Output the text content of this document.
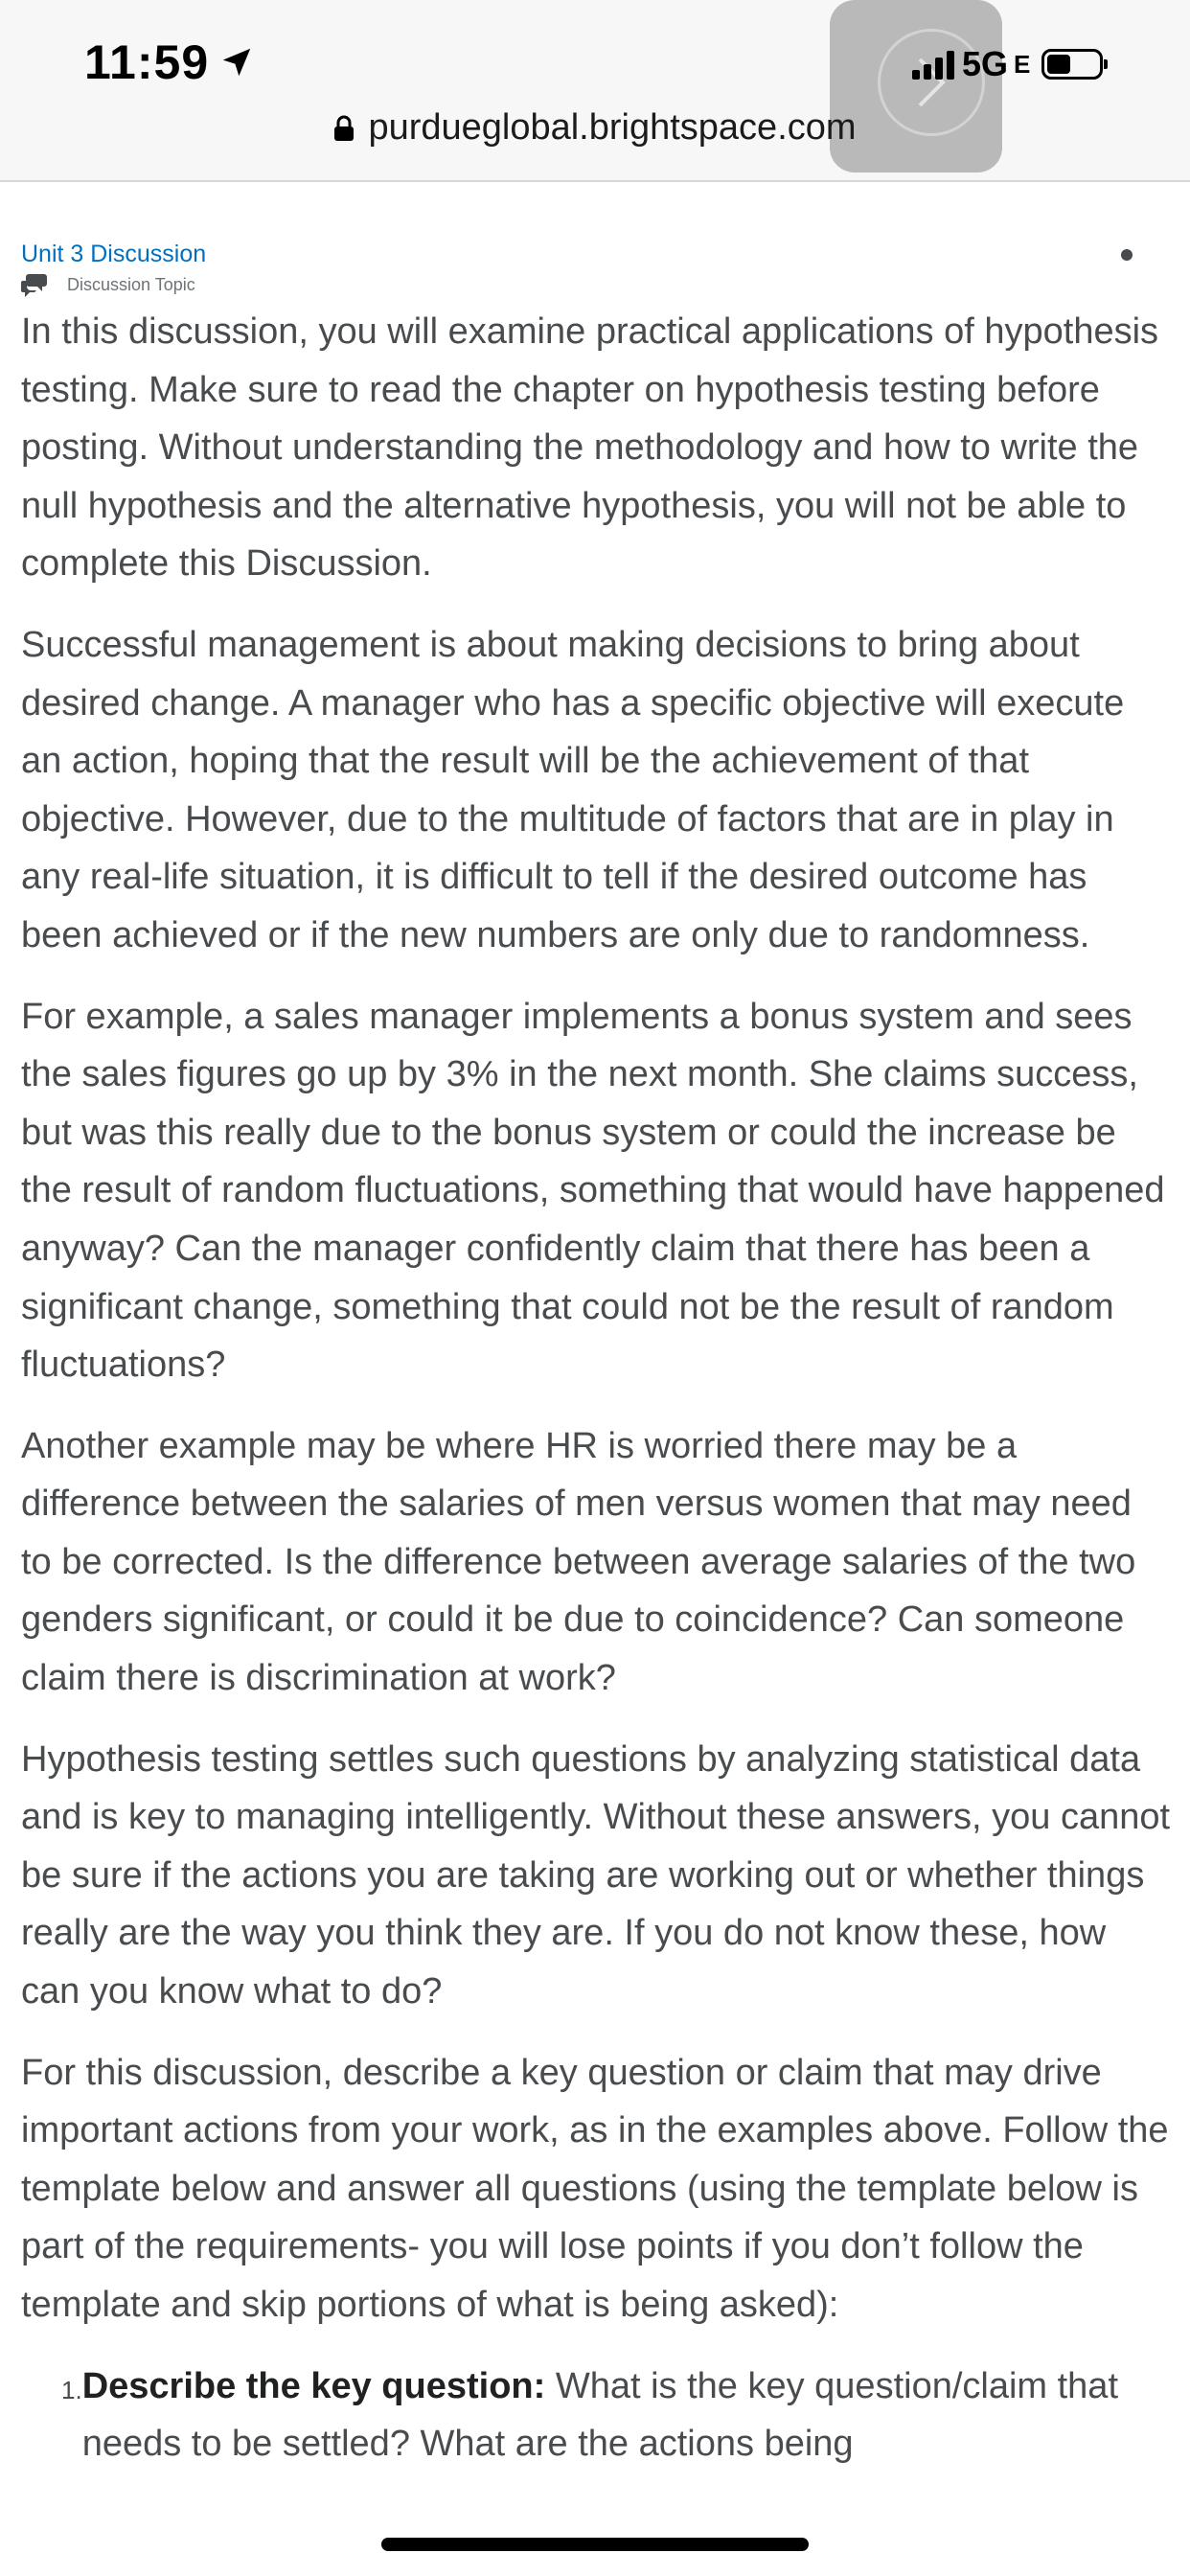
11:59	5G E
purdueglobal.brightspace.com

Unit 3 Discussion

Discussion Topic

In this discussion, you will examine practical applications of hypothesis testing. Make sure to read the chapter on hypothesis testing before posting. Without understanding the methodology and how to write the null hypothesis and the alternative hypothesis, you will not be able to complete this Discussion.

Successful management is about making decisions to bring about desired change. A manager who has a specific objective will execute an action, hoping that the result will be the achievement of that objective. However, due to the multitude of factors that are in play in any real-life situation, it is difficult to tell if the desired outcome has been achieved or if the new numbers are only due to randomness.

For example, a sales manager implements a bonus system and sees the sales figures go up by 3% in the next month. She claims success, but was this really due to the bonus system or could the increase be the result of random fluctuations, something that would have happened anyway? Can the manager confidently claim that there has been a significant change, something that could not be the result of random fluctuations?

Another example may be where HR is worried there may be a difference between the salaries of men versus women that may need to be corrected. Is the difference between average salaries of the two genders significant, or could it be due to coincidence? Can someone claim there is discrimination at work?

Hypothesis testing settles such questions by analyzing statistical data and is key to managing intelligently. Without these answers, you cannot be sure if the actions you are taking are working out or whether things really are the way you think they are. If you do not know these, how can you know what to do?

For this discussion, describe a key question or claim that may drive important actions from your work, as in the examples above. Follow the template below and answer all questions (using the template below is part of the requirements- you will lose points if you don’t follow the template and skip portions of what is being asked):

1. Describe the key question: What is the key question/claim that needs to be settled? What are the actions being
